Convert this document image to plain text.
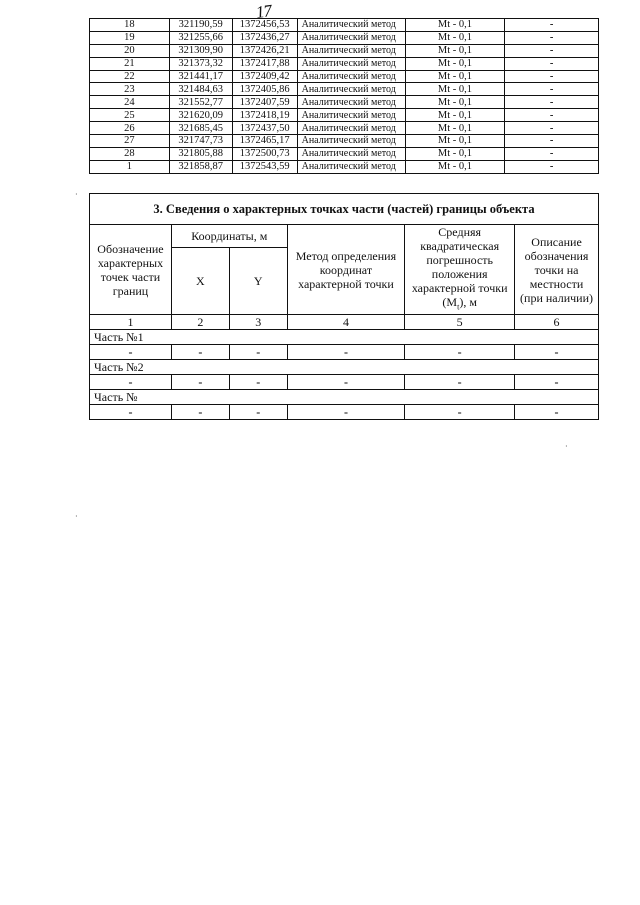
17
18	321190,59	1372456,53	Аналитический метод	Mt - 0,1	-
19	321255,66	1372436,27	Аналитический метод	Mt - 0,1	-
20	321309,90	1372426,21	Аналитический метод	Mt - 0,1	-
21	321373,32	1372417,88	Аналитический метод	Mt - 0,1	-
22	321441,17	1372409,42	Аналитический метод	Mt - 0,1	-
23	321484,63	1372405,86	Аналитический метод	Mt - 0,1	-
24	321552,77	1372407,59	Аналитический метод	Mt - 0,1	-
25	321620,09	1372418,19	Аналитический метод	Mt - 0,1	-
26	321685,45	1372437,50	Аналитический метод	Mt - 0,1	-
27	321747,73	1372465,17	Аналитический метод	Mt - 0,1	-
28	321805,88	1372500,73	Аналитический метод	Mt - 0,1	-
1	321858,87	1372543,59	Аналитический метод	Mt - 0,1	-
3. Сведения о характерных точках части (частей) границы объекта					
Обозначение характерных точек части границ	Координаты, м		Метод определения координат характерной точки	Средняя квадратическая погрешность положения характерной точки $(M_t)$, м	Описание обозначения точки на местности (при наличии)
	X	Y			
1	2	3	4	5	6
Часть №1					
-	-	-	-	-	-
Часть №2					
-	-	-	-	-	-
Часть №					
-	-	-	-	-	-
·
·
·
